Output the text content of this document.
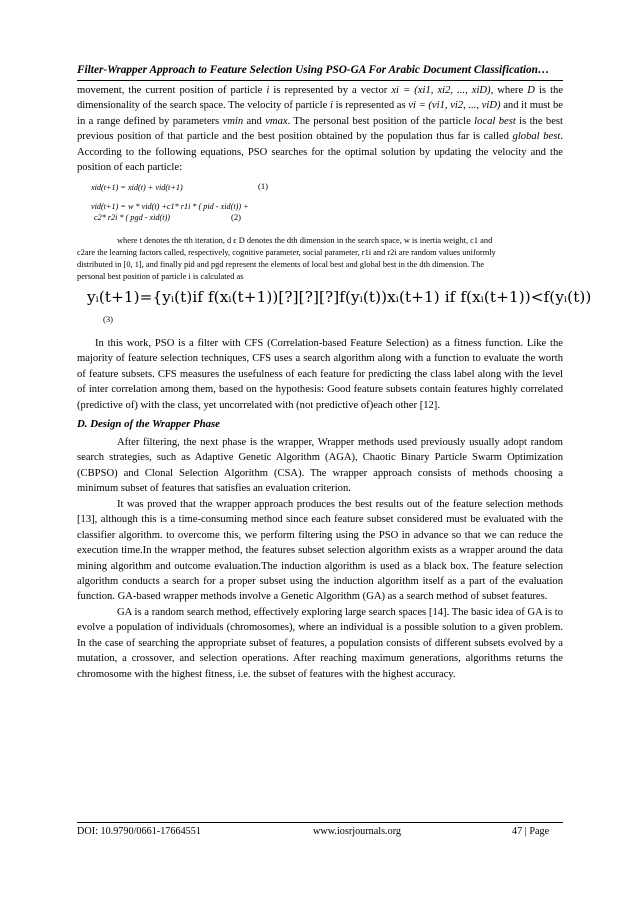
Filter-Wrapper Approach to Feature Selection Using PSO-GA For Arabic Document Classification…

movement, the current position of particle i is represented by a vector xi = (xi1, xi2, ..., xiD), where D is the dimensionality of the search space. The velocity of particle i is represented as vi = (vi1, vi2, ..., viD) and it must be in a range defined by parameters vmin and vmax. The personal best position of the particle local best is the best previous position of that particle and the best position obtained by the population thus far is called global best. According to the following equations, PSO searches for the optimal solution by updating the velocity and the position of each particle:

xid(t+1) = xid(t) + vid(t+1)	(1)
vid(t+1) = w * vid(t) +c1* r1i * ( pid - xid(t)) +
c2* r2i * ( pgd - xid(t))	(2)
where t denotes the tth iteration, d ϵ D denotes the dth dimension in the search space, w is inertia weight, c1 and
c2are the learning factors called, respectively, cognitive parameter, social parameter, r1i and r2i are random values uniformly
distributed in [0, 1], and finally pid and pgd represent the elements of local best and global best in the dth dimension. The
personal best position of particle i is calculated as
yᵢ(t+1)={yᵢ(t)if f(xᵢ(t+1))[?][?][?]f(yᵢ(t))xᵢ(t+1) if f(xᵢ(t+1))<f(yᵢ(t))
(3)

In this work, PSO is a filter with CFS (Correlation-based Feature Selection) as a fitness function. Like the majority of feature selection techniques, CFS uses a search algorithm along with a function to evaluate the worth of feature subsets. CFS measures the usefulness of each feature for predicting the class label along with the level of inter correlation among them, based on the hypothesis: Good feature subsets contain features highly correlated (predictive of) with the class, yet uncorrelated with (not predictive of)each other [12].

D. Design of the Wrapper Phase

After filtering, the next phase is the wrapper, Wrapper methods used previously usually adopt random search strategies, such as Adaptive Genetic Algorithm (AGA), Chaotic Binary Particle Swarm Optimization (CBPSO) and Clonal Selection Algorithm (CSA). The wrapper approach consists of methods choosing a minimum subset of features that satisfies an evaluation criterion.

It was proved that the wrapper approach produces the best results out of the feature selection methods [13], although this is a time-consuming method since each feature subset considered must be evaluated with the classifier algorithm. to overcome this, we perform filtering using the PSO in advance so that we can reduce the execution time.In the wrapper method, the features subset selection algorithm exists as a wrapper around the data mining algorithm and outcome evaluation.The induction algorithm is used as a black box. The feature selection algorithm conducts a search for a proper subset using the induction algorithm itself as a part of the evaluation function. GA-based wrapper methods involve a Genetic Algorithm (GA) as a search method of subset features.

GA is a random search method, effectively exploring large search spaces [14]. The basic idea of GA is to evolve a population of individuals (chromosomes), where an individual is a possible solution to a given problem. In the case of searching the appropriate subset of features, a population consists of different subsets evolved by a mutation, a crossover, and selection operations. After reaching maximum generations, algorithms returns the chromosome with the highest fitness, i.e. the subset of features with the highest accuracy.

DOI: 10.9790/0661-17664551	www.iosrjournals.org	47 | Page
